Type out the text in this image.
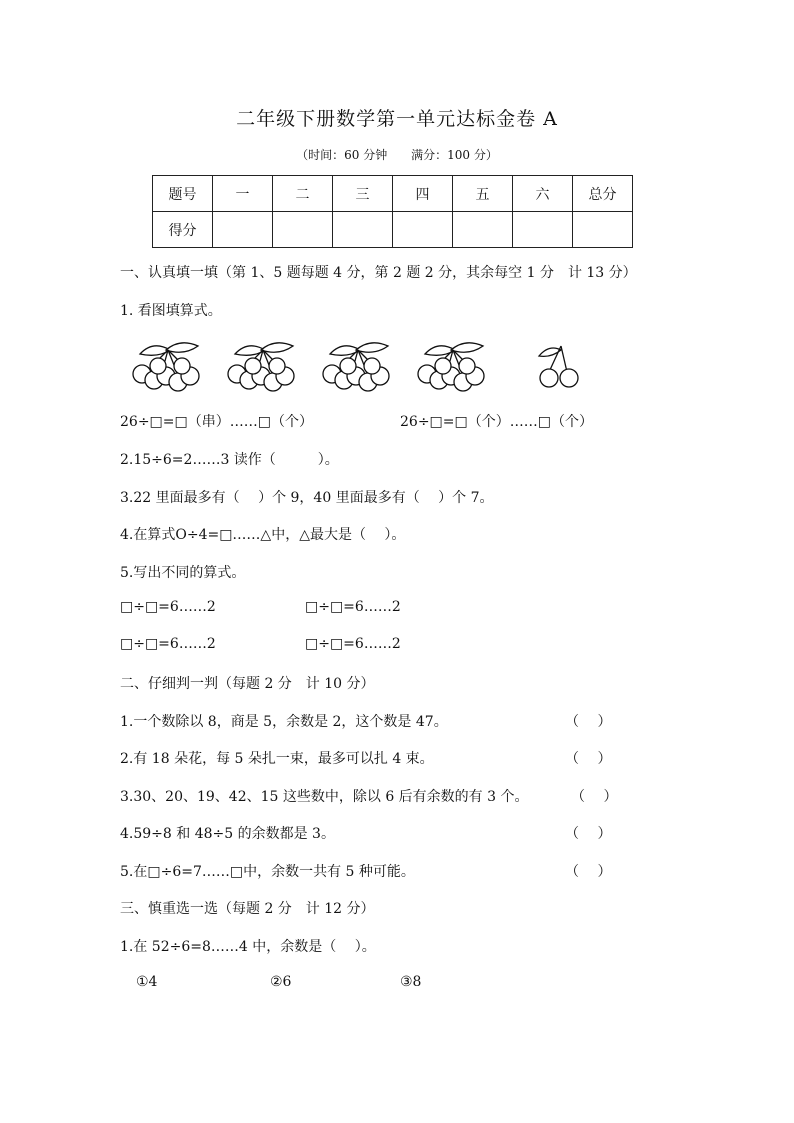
二年级下册数学第一单元达标金卷 A
（时间：60 分钟 满分：100 分）
题号	一	二	三	四	五	六	总分
得分							
一、认真填一填（第 1、5 题每题 4 分，第 2 题 2 分，其余每空 1 分　计 13 分）
1. 看图填算式。
26÷□=□（串）……□（个）	26÷□=□（个）……□（个）
2.15÷6=2……3 读作（　　　）。
3.22 里面最多有（　 ）个 9，40 里面最多有（　 ）个 7。
4.在算式O÷4=□……△中，△最大是（　 ）。
5.写出不同的算式。
□÷□=6……2	□÷□=6……2
□÷□=6……2	□÷□=6……2
二、仔细判一判（每题 2 分　计 10 分）
1.一个数除以 8，商是 5，余数是 2，这个数是 47。	（　 ）
2.有 18 朵花，每 5 朵扎一束，最多可以扎 4 束。	（　 ）
3.30、20、19、42、15 这些数中，除以 6 后有余数的有 3 个。	（　 ）
4.59÷8 和 48÷5 的余数都是 3。	（　 ）
5.在□÷6=7……□中，余数一共有 5 种可能。	（　 ）
三、慎重选一选（每题 2 分　计 12 分）
1.在 52÷6=8……4 中，余数是（　 ）。
①4	②6	③8
